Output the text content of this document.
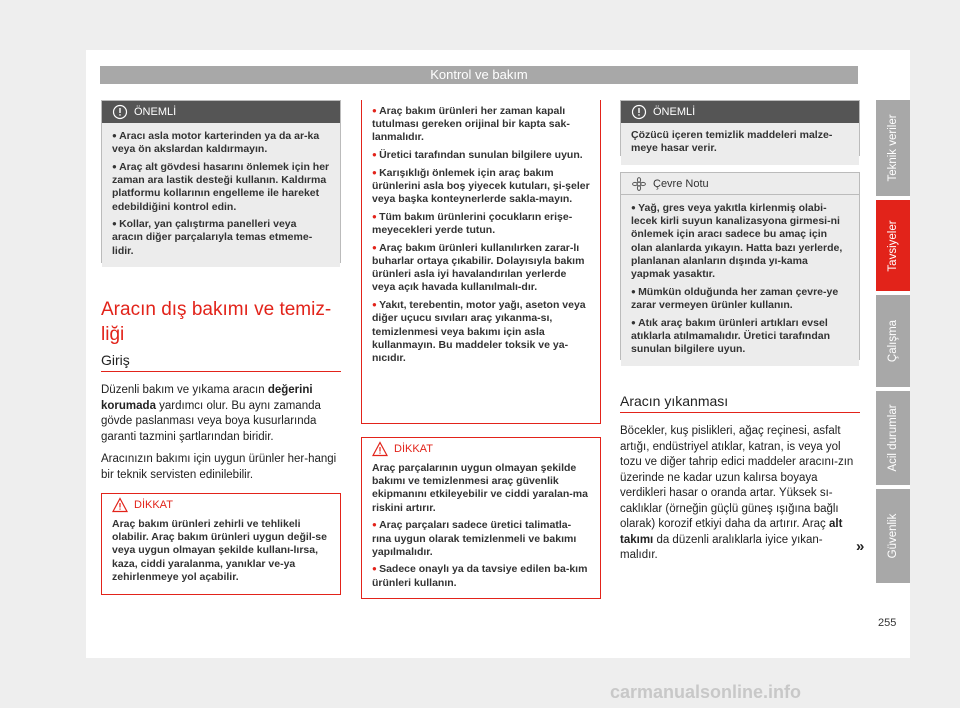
Kontrol ve bakım
Teknik veriler
Tavsiyeler
Çalışma
Acil durumlar
Güvenlik
ÖNEMLİ

● Aracı asla motor karterinden ya da ar-ka veya ön akslardan kaldırmayın.

● Araç alt gövdesi hasarını önlemek için her zaman ara lastik desteği kullanın. Kaldırma platformu kollarının engelleme ile hareket edebildiğini kontrol edin.

● Kollar, yan çalıştırma panelleri veya aracın diğer parçalarıyla temas etmeme-lidir.

Aracın dış bakımı ve temiz-
liği
Giriş

Düzenli bakım ve yıkama aracın değerini korumada yardımcı olur. Bu aynı zamanda gövde paslanması veya boya kusurlarında garanti tazmini şartlarından biridir.

Aracınızın bakımı için uygun ürünler her-hangi bir teknik servisten edinilebilir.

DİKKAT

Araç bakım ürünleri zehirli ve tehlikeli olabilir. Araç bakım ürünleri uygun değil-se veya uygun olmayan şekilde kullanı-lırsa, kaza, ciddi yaralanma, yanıklar ve-ya zehirlenmeye yol açabilir.

● Araç bakım ürünleri her zaman kapalı tutulması gereken orijinal bir kapta sak-lanmalıdır.

● Üretici tarafından sunulan bilgilere uyun.

● Karışıklığı önlemek için araç bakım ürünlerini asla boş yiyecek kutuları, şi-şeler veya başka konteynerlerde sakla-mayın.

● Tüm bakım ürünlerini çocukların erişe-meyecekleri yerde tutun.

● Araç bakım ürünleri kullanılırken zarar-lı buharlar ortaya çıkabilir. Dolayısıyla bakım ürünleri asla iyi havalandırılan yerlerde veya açık havada kullanılmalı-dır.

● Yakıt, terebentin, motor yağı, aseton veya diğer uçucu sıvıları araç yıkanma-sı, temizlenmesi veya bakımı için asla kullanmayın. Bu maddeler toksik ve ya-nıcıdır.

DİKKAT

Araç parçalarının uygun olmayan şekilde bakımı ve temizlenmesi araç güvenlik ekipmanını etkileyebilir ve ciddi yaralan-ma riskini artırır.

● Araç parçaları sadece üretici talimatla-rına uygun olarak temizlenmeli ve bakımı yapılmalıdır.

● Sadece onaylı ya da tavsiye edilen ba-kım ürünleri kullanın.

ÖNEMLİ

Çözücü içeren temizlik maddeleri malze-meye hasar verir.

Çevre Notu

● Yağ, gres veya yakıtla kirlenmiş olabi-lecek kirli suyun kanalizasyona girmesi-ni önlemek için aracı sadece bu amaç için olan alanlarda yıkayın. Hatta bazı yerlerde, planlanan alanların dışında yı-kama yapmak yasaktır.

● Mümkün olduğunda her zaman çevre-ye zarar vermeyen ürünler kullanın.

● Atık araç bakım ürünleri artıkları evsel atıklarla atılmamalıdır. Üretici tarafından sunulan bilgilere uyun.

Aracın yıkanması

Böcekler, kuş pislikleri, ağaç reçinesi, asfalt artığı, endüstriyel atıklar, katran, is veya yol tozu ve diğer tahrip edici maddeler aracını-zın üzerinde ne kadar uzun kalırsa boyaya verdikleri hasar o oranda artar. Yüksek sı-caklıklar (örneğin güçlü güneş ışığına bağlı olarak) korozif etkiyi daha da artırır. Araç alt takımı da düzenli aralıklarla iyice yıkan-malıdır.	»
255
carmanualsonline.info
